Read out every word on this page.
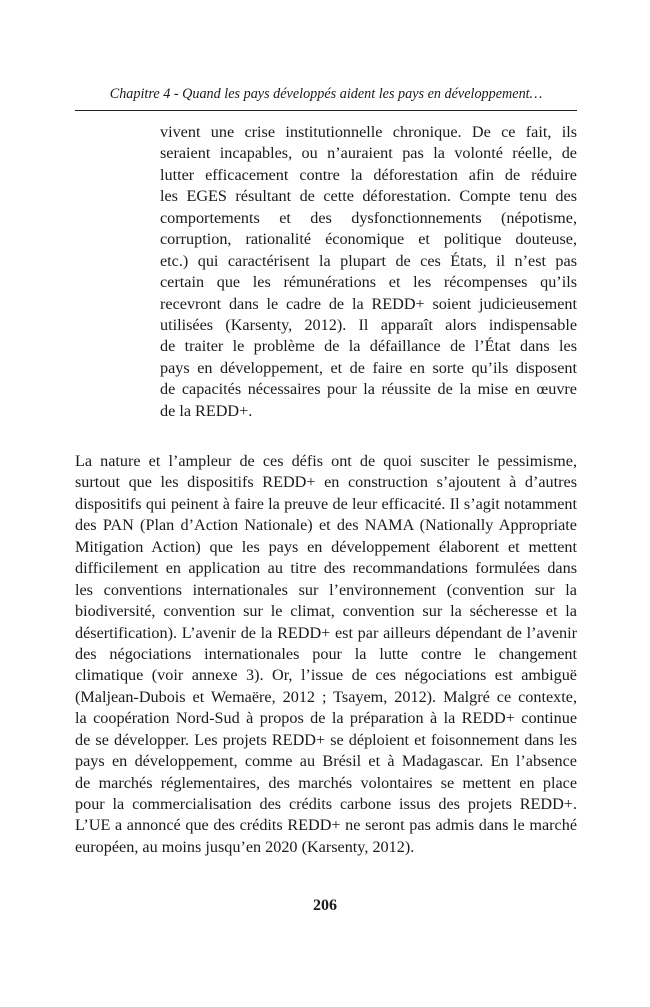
Chapitre 4 - Quand les pays développés aident les pays en développement…
vivent une crise institutionnelle chronique. De ce fait, ils
seraient incapables, ou n’auraient pas la volonté réelle, de
lutter efficacement contre la déforestation afin de réduire
les EGES résultant de cette déforestation. Compte tenu des
comportements et des dysfonctionnements (népotisme,
corruption, rationalité économique et politique douteuse,
etc.) qui caractérisent la plupart de ces États, il n’est pas
certain que les rémunérations et les récompenses qu’ils
recevront dans le cadre de la REDD+ soient judicieusement
utilisées (Karsenty, 2012). Il apparaît alors indispensable
de traiter le problème de la défaillance de l’État dans les
pays en développement, et de faire en sorte qu’ils disposent
de capacités nécessaires pour la réussite de la mise en œuvre
de la REDD+.
La nature et l’ampleur de ces défis ont de quoi susciter le pessimisme,
surtout que les dispositifs REDD+ en construction s’ajoutent à d’autres
dispositifs qui peinent à faire la preuve de leur efficacité. Il s’agit notamment
des PAN (Plan d’Action Nationale) et des NAMA (Nationally Appropriate
Mitigation Action) que les pays en développement élaborent et mettent
difficilement en application au titre des recommandations formulées dans
les conventions internationales sur l’environnement (convention sur la
biodiversité, convention sur le climat, convention sur la sécheresse et la
désertification). L’avenir de la REDD+ est par ailleurs dépendant de l’avenir
des négociations internationales pour la lutte contre le changement
climatique (voir annexe 3). Or, l’issue de ces négociations est ambiguë
(Maljean-Dubois et Wemaëre, 2012 ; Tsayem, 2012). Malgré ce contexte,
la coopération Nord-Sud à propos de la préparation à la REDD+ continue
de se développer. Les projets REDD+ se déploient et foisonnement dans les
pays en développement, comme au Brésil et à Madagascar. En l’absence
de marchés réglementaires, des marchés volontaires se mettent en place
pour la commercialisation des crédits carbone issus des projets REDD+.
L’UE a annoncé que des crédits REDD+ ne seront pas admis dans le marché
européen, au moins jusqu’en 2020 (Karsenty, 2012).
206
